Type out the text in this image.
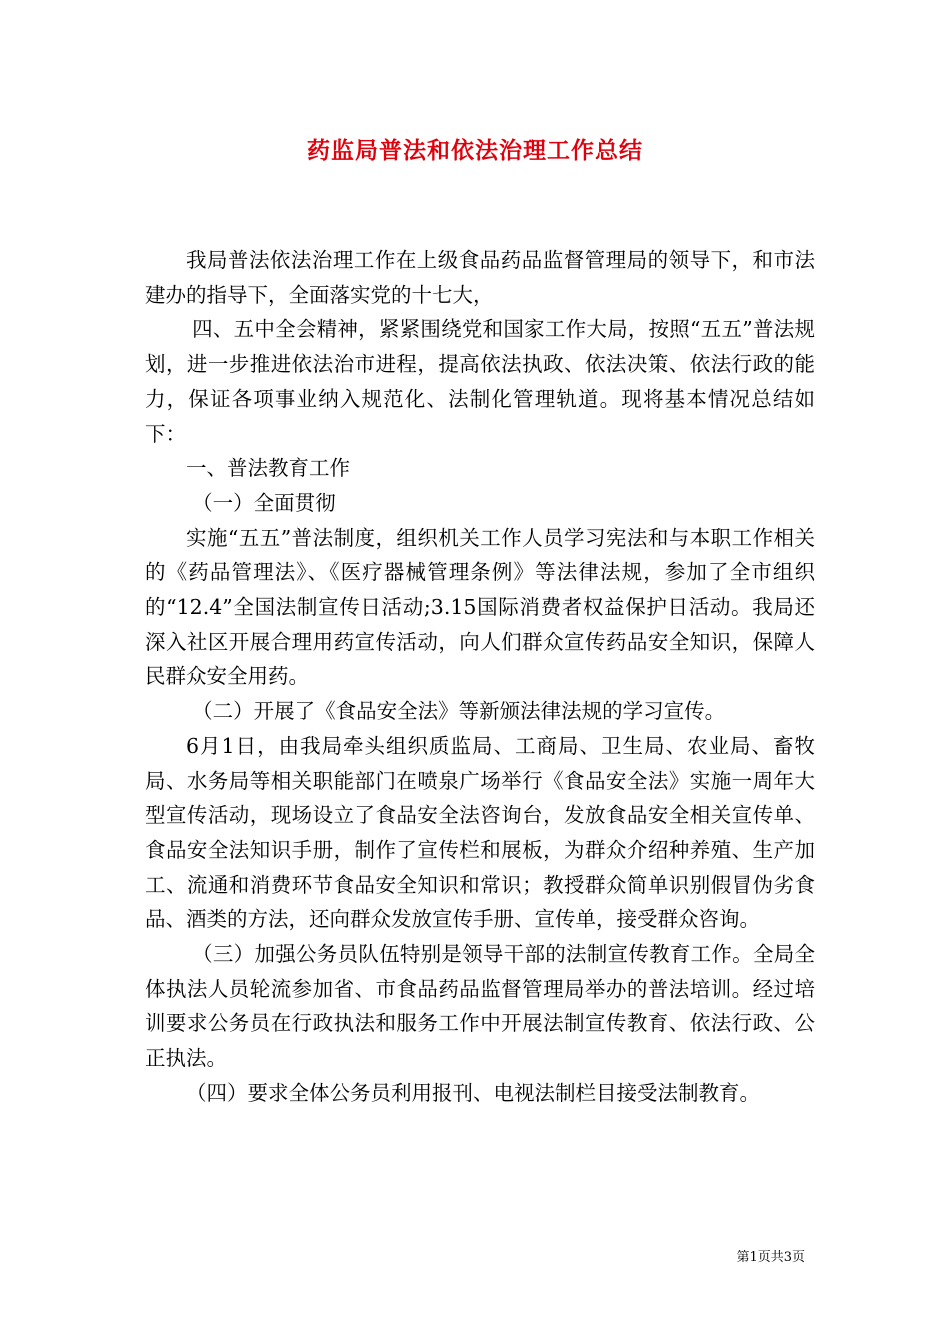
药监局普法和依法治理工作总结

我局普法依法治理工作在上级食品药品监督管理局的领导下，和市法建办的指导下，全面落实党的十七大，

四、五中全会精神，紧紧围绕党和国家工作大局，按照“五五”普法规划，进一步推进依法治市进程，提高依法执政、依法决策、依法行政的能力，保证各项事业纳入规范化、法制化管理轨道。现将基本情况总结如下：

一、普法教育工作

（一）全面贯彻

实施“五五”普法制度，组织机关工作人员学习宪法和与本职工作相关的《药品管理法》、《医疗器械管理条例》等法律法规，参加了全市组织的“12.4”全国法制宣传日活动;3.15国际消费者权益保护日活动。我局还深入社区开展合理用药宣传活动，向人们群众宣传药品安全知识，保障人民群众安全用药。

（二）开展了《食品安全法》等新颁法律法规的学习宣传。

6月1日，由我局牵头组织质监局、工商局、卫生局、农业局、畜牧局、水务局等相关职能部门在喷泉广场举行《食品安全法》实施一周年大型宣传活动，现场设立了食品安全法咨询台，发放食品安全相关宣传单、食品安全法知识手册，制作了宣传栏和展板，为群众介绍种养殖、生产加工、流通和消费环节食品安全知识和常识；教授群众简单识别假冒伪劣食品、酒类的方法，还向群众发放宣传手册、宣传单，接受群众咨询。

（三）加强公务员队伍特别是领导干部的法制宣传教育工作。全局全体执法人员轮流参加省、市食品药品监督管理局举办的普法培训。经过培训要求公务员在行政执法和服务工作中开展法制宣传教育、依法行政、公正执法。

（四）要求全体公务员利用报刊、电视法制栏目接受法制教育。

第1页共3页
